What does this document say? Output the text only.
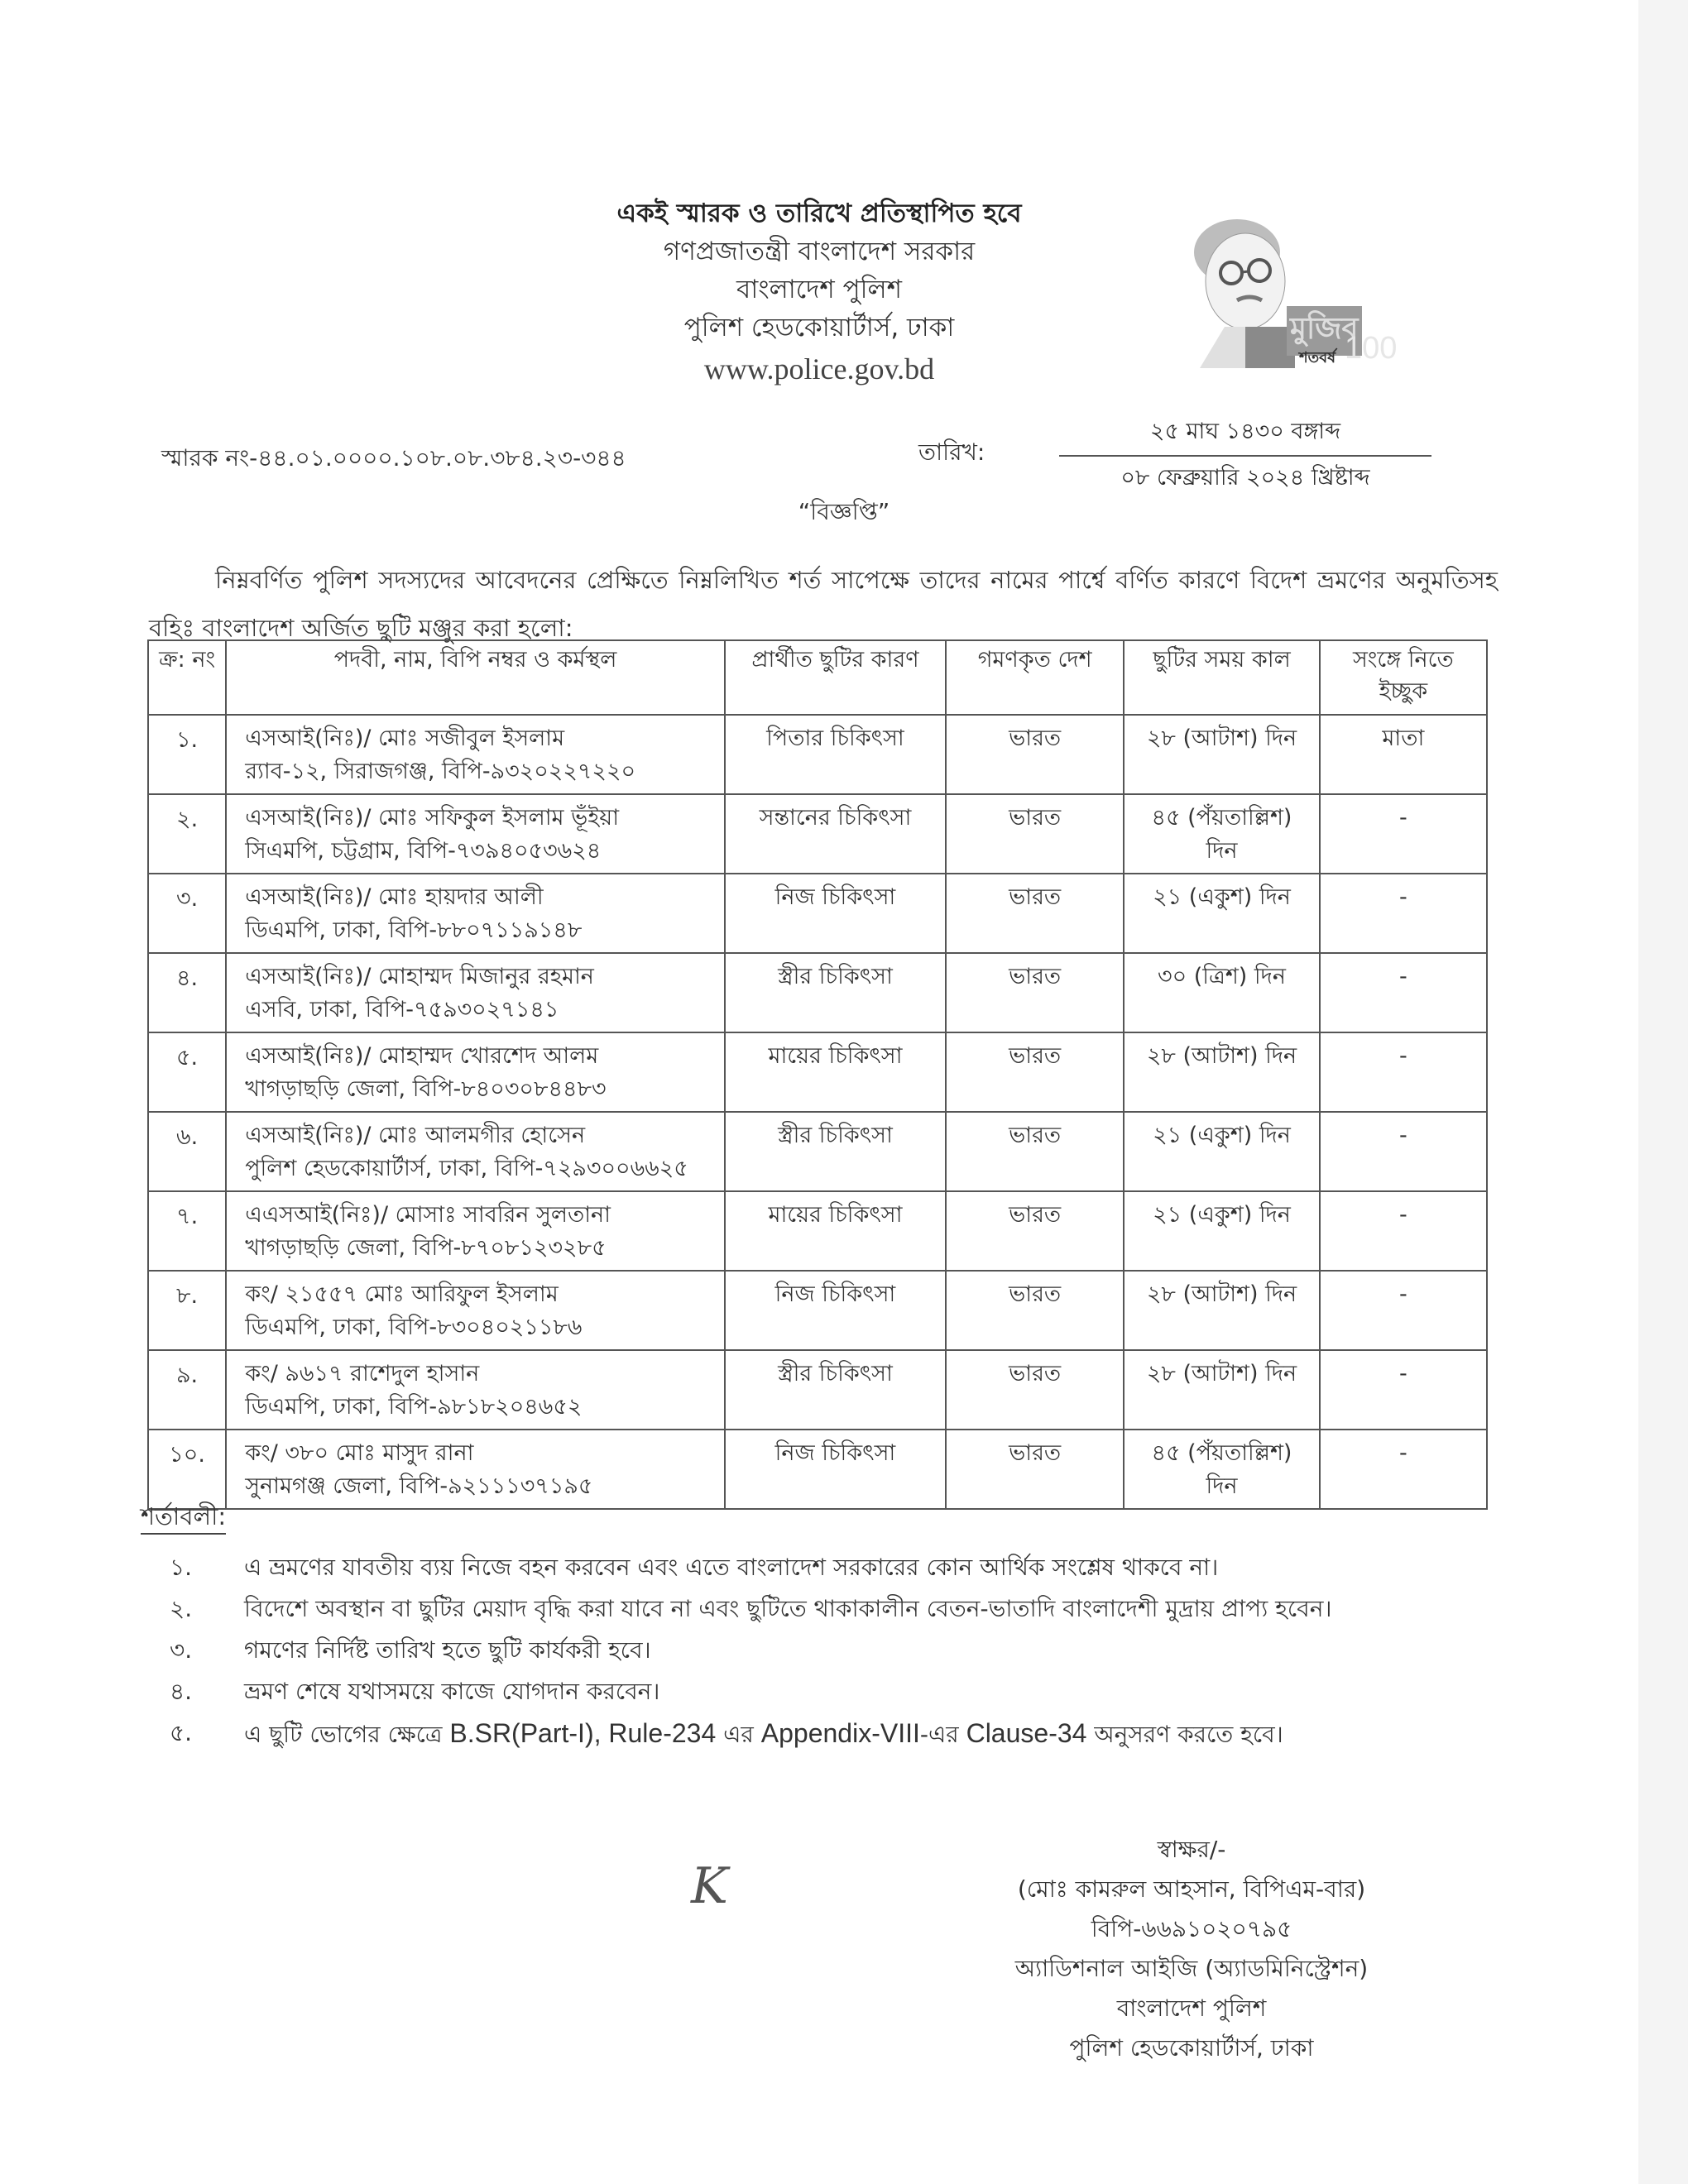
একই স্মারক ও তারিখে প্রতিস্থাপিত হবে
গণপ্রজাতন্ত্রী বাংলাদেশ সরকার
বাংলাদেশ পুলিশ
পুলিশ হেডকোয়ার্টার্স, ঢাকা
www.police.gov.bd
মুজিব
শতবর্ষ 100
স্মারক নং-৪৪.০১.০০০০.১০৮.০৮.৩৮৪.২৩-৩৪৪	তারিখ:
২৫ মাঘ ১৪৩০ বঙ্গাব্দ
০৮ ফেব্রুয়ারি ২০২৪ খ্রিষ্টাব্দ
“বিজ্ঞপ্তি”
নিম্নবর্ণিত পুলিশ সদস্যদের আবেদনের প্রেক্ষিতে নিম্নলিখিত শর্ত সাপেক্ষে তাদের নামের পার্শ্বে বর্ণিত কারণে বিদেশ ভ্রমণের অনুমতিসহ বহিঃ বাংলাদেশ অর্জিত ছুটি মঞ্জুর করা হলো:
ক্র: নং	পদবী, নাম, বিপি নম্বর ও কর্মস্থল	প্রার্থীত ছুটির কারণ	গমণকৃত দেশ	ছুটির সময় কাল	সংঙ্গে নিতে ইচ্ছুক

১.	এসআই(নিঃ)/ মোঃ সজীবুল ইসলাম
র‌্যাব-১২, সিরাজগঞ্জ, বিপি-৯৩২০২২৭২২০	পিতার চিকিৎসা	ভারত	২৮ (আটাশ) দিন	মাতা

২.	এসআই(নিঃ)/ মোঃ সফিকুল ইসলাম ভূঁইয়া
সিএমপি, চট্টগ্রাম, বিপি-৭৩৯৪০৫৩৬২৪	সন্তানের চিকিৎসা	ভারত	৪৫ (পঁয়তাল্লিশ) দিন	-

৩.	এসআই(নিঃ)/ মোঃ হায়দার আলী
ডিএমপি, ঢাকা, বিপি-৮৮০৭১১৯১৪৮	নিজ চিকিৎসা	ভারত	২১ (একুশ) দিন	-

৪.	এসআই(নিঃ)/ মোহাম্মদ মিজানুর রহমান
এসবি, ঢাকা, বিপি-৭৫৯৩০২৭১৪১	স্ত্রীর চিকিৎসা	ভারত	৩০ (ত্রিশ) দিন	-

৫.	এসআই(নিঃ)/ মোহাম্মদ খোরশেদ আলম
খাগড়াছড়ি জেলা, বিপি-৮৪০৩০৮৪৪৮৩	মায়ের চিকিৎসা	ভারত	২৮ (আটাশ) দিন	-

৬.	এসআই(নিঃ)/ মোঃ আলমগীর হোসেন
পুলিশ হেডকোয়ার্টার্স, ঢাকা, বিপি-৭২৯৩০০৬৬২৫	স্ত্রীর চিকিৎসা	ভারত	২১ (একুশ) দিন	-

৭.	এএসআই(নিঃ)/ মোসাঃ সাবরিন সুলতানা
খাগড়াছড়ি জেলা, বিপি-৮৭০৮১২৩২৮৫	মায়ের চিকিৎসা	ভারত	২১ (একুশ) দিন	-

৮.	কং/ ২১৫৫৭ মোঃ আরিফুল ইসলাম
ডিএমপি, ঢাকা, বিপি-৮৩০৪০২১১৮৬	নিজ চিকিৎসা	ভারত	২৮ (আটাশ) দিন	-

৯.	কং/ ৯৬১৭ রাশেদুল হাসান
ডিএমপি, ঢাকা, বিপি-৯৮১৮২০৪৬৫২	স্ত্রীর চিকিৎসা	ভারত	২৮ (আটাশ) দিন	-

১০.	কং/ ৩৮০ মোঃ মাসুদ রানা
সুনামগঞ্জ জেলা, বিপি-৯২১১১৩৭১৯৫	নিজ চিকিৎসা	ভারত	৪৫ (পঁয়তাল্লিশ) দিন	-
শর্তাবলী:
১.	এ ভ্রমণের যাবতীয় ব্যয় নিজে বহন করবেন এবং এতে বাংলাদেশ সরকারের কোন আর্থিক সংশ্লেষ থাকবে না।
২.	বিদেশে অবস্থান বা ছুটির মেয়াদ বৃদ্ধি করা যাবে না এবং ছুটিতে থাকাকালীন বেতন-ভাতাদি বাংলাদেশী মুদ্রায় প্রাপ্য হবেন।
৩.	গমণের নির্দিষ্ট তারিখ হতে ছুটি কার্যকরী হবে।
৪.	ভ্রমণ শেষে যথাসময়ে কাজে যোগদান করবেন।
৫.	এ ছুটি ভোগের ক্ষেত্রে B.SR(Part-I), Rule-234 এর Appendix-VIII-এর Clause-34 অনুসরণ করতে হবে।
K
স্বাক্ষর/-
(মোঃ কামরুল আহসান, বিপিএম-বার)
বিপি-৬৬৯১০২০৭৯৫
অ্যাডিশনাল আইজি (অ্যাডমিনিস্ট্রেশন)
বাংলাদেশ পুলিশ
পুলিশ হেডকোয়ার্টার্স, ঢাকা
